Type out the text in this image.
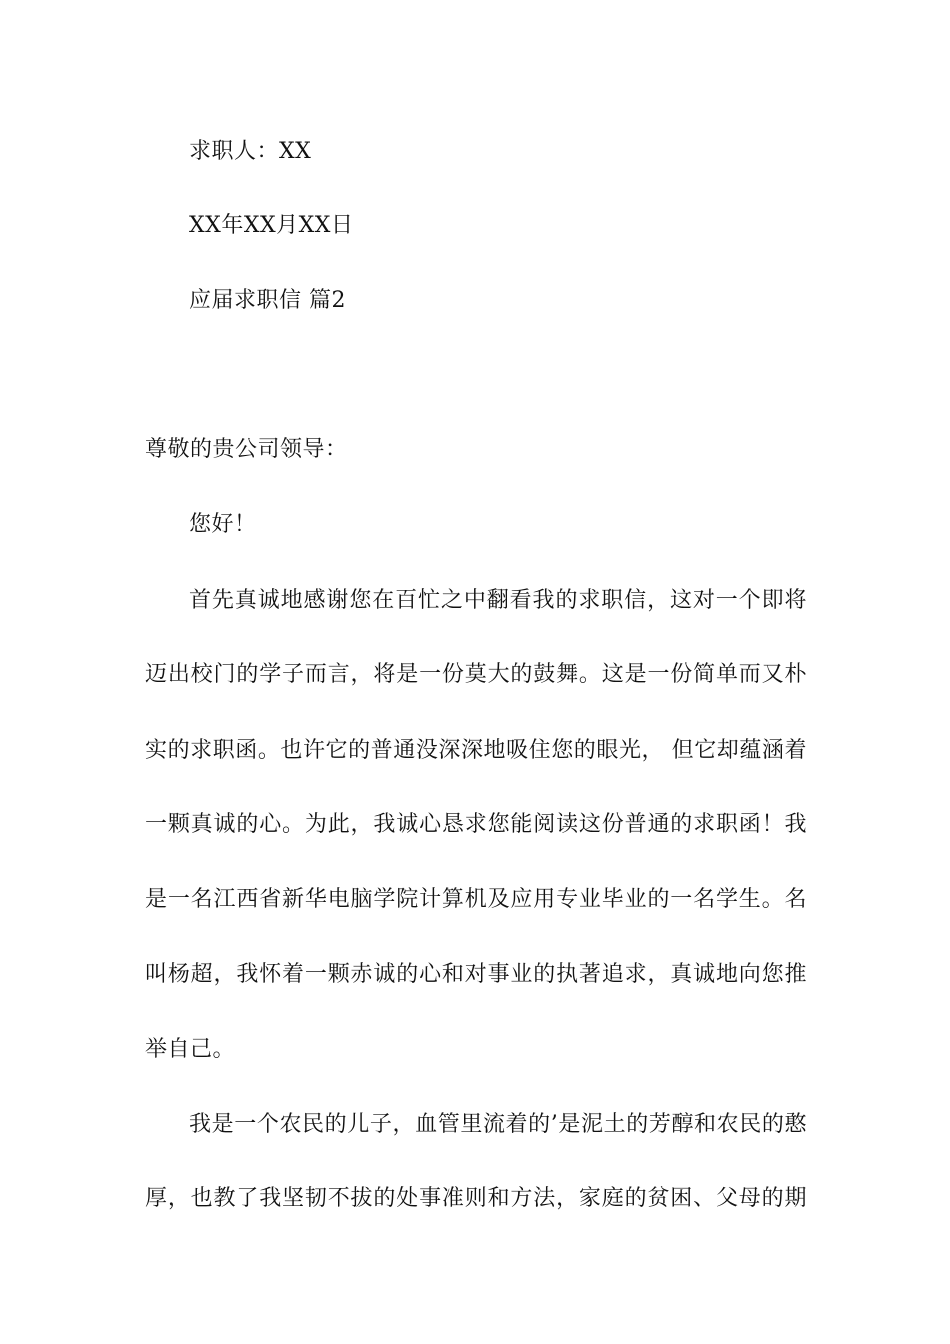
求职人：XX
XX年XX月XX日
应届求职信 篇2
尊敬的贵公司领导：
您好！
首先真诚地感谢您在百忙之中翻看我的求职信，这对一个即将
迈出校门的学子而言，将是一份莫大的鼓舞。这是一份简单而又朴
实的求职函。也许它的普通没深深地吸住您的眼光， 但它却蕴涵着
一颗真诚的心。为此，我诚心恳求您能阅读这份普通的求职函！我
是一名江西省新华电脑学院计算机及应用专业毕业的一名学生。名
叫杨超，我怀着一颗赤诚的心和对事业的执著追求，真诚地向您推
举自己。
我是一个农民的儿子，血管里流着的’是泥土的芳醇和农民的憨
厚，也教了我坚韧不拔的处事准则和方法，家庭的贫困、父母的期
